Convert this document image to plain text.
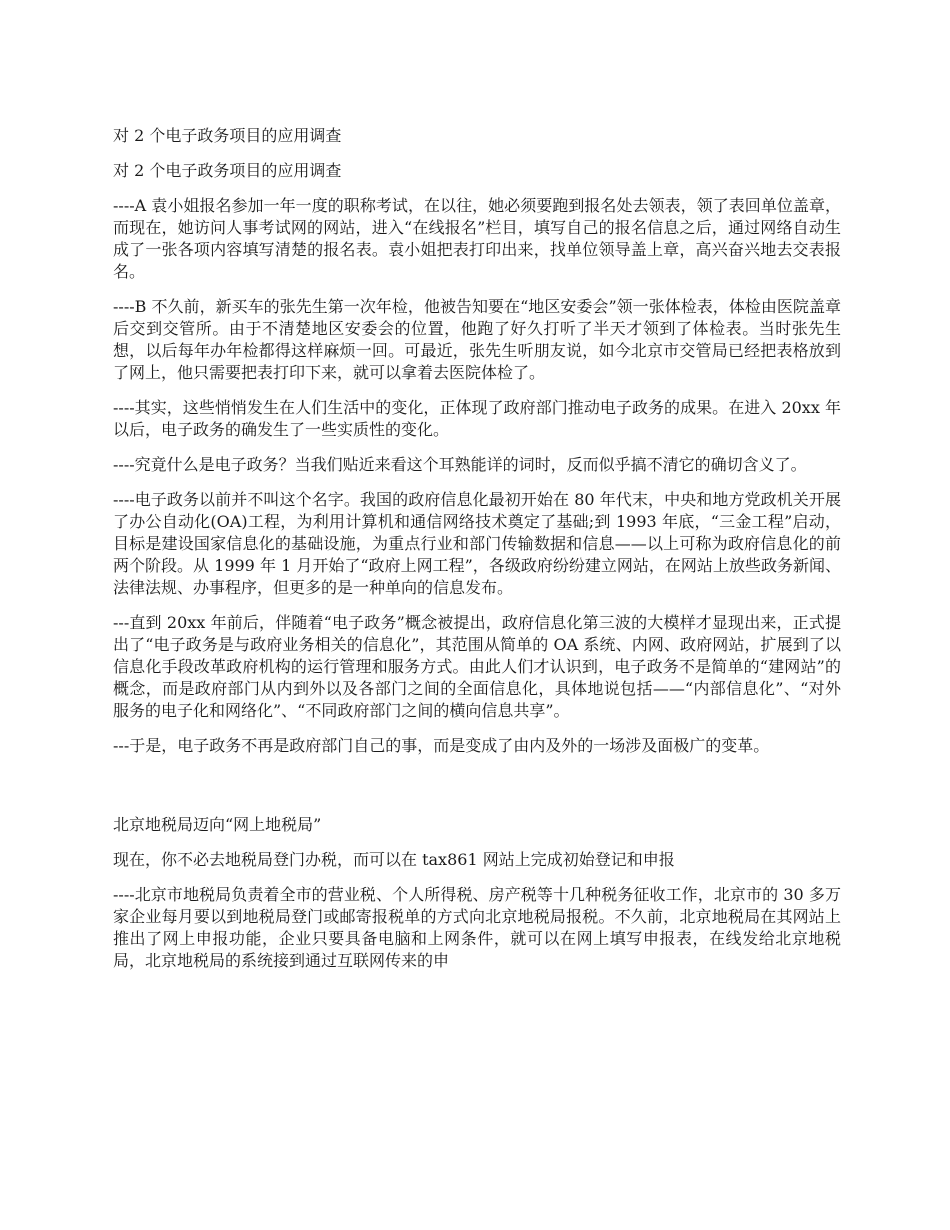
对 2 个电子政务项目的应用调查

对 2 个电子政务项目的应用调查

----A 袁小姐报名参加一年一度的职称考试，在以往，她必须要跑到报名处去领表，领了表回单位盖章，而现在，她访问人事考试网的网站，进入“在线报名”栏目，填写自己的报名信息之后，通过网络自动生成了一张各项内容填写清楚的报名表。袁小姐把表打印出来，找单位领导盖上章，高兴奋兴地去交表报名。

----B 不久前，新买车的张先生第一次年检，他被告知要在“地区安委会”领一张体检表，体检由医院盖章后交到交管所。由于不清楚地区安委会的位置，他跑了好久打听了半天才领到了体检表。当时张先生想，以后每年办年检都得这样麻烦一回。可最近，张先生听朋友说，如今北京市交管局已经把表格放到了网上，他只需要把表打印下来，就可以拿着去医院体检了。

----其实，这些悄悄发生在人们生活中的变化，正体现了政府部门推动电子政务的成果。在进入 20xx 年以后，电子政务的确发生了一些实质性的变化。

----究竟什么是电子政务？当我们贴近来看这个耳熟能详的词时，反而似乎搞不清它的确切含义了。

----电子政务以前并不叫这个名字。我国的政府信息化最初开始在 80 年代末，中央和地方党政机关开展了办公自动化(OA)工程，为利用计算机和通信网络技术奠定了基础;到 1993 年底，“三金工程”启动，目标是建设国家信息化的基础设施，为重点行业和部门传输数据和信息——以上可称为政府信息化的前两个阶段。从 1999 年 1 月开始了“政府上网工程”，各级政府纷纷建立网站，在网站上放些政务新闻、法律法规、办事程序，但更多的是一种单向的信息发布。

---直到 20xx 年前后，伴随着“电子政务”概念被提出，政府信息化第三波的大模样才显现出来，正式提出了“电子政务是与政府业务相关的信息化”，其范围从简单的 OA 系统、内网、政府网站，扩展到了以信息化手段改革政府机构的运行管理和服务方式。由此人们才认识到，电子政务不是简单的“建网站”的概念，而是政府部门从内到外以及各部门之间的全面信息化，具体地说包括——“内部信息化”、“对外服务的电子化和网络化”、“不同政府部门之间的横向信息共享”。

---于是，电子政务不再是政府部门自己的事，而是变成了由内及外的一场涉及面极广的变革。

北京地税局迈向“网上地税局”

现在，你不必去地税局登门办税，而可以在 tax861 网站上完成初始登记和申报

----北京市地税局负责着全市的营业税、个人所得税、房产税等十几种税务征收工作，北京市的 30 多万家企业每月要以到地税局登门或邮寄报税单的方式向北京地税局报税。不久前，北京地税局在其网站上推出了网上申报功能，企业只要具备电脑和上网条件，就可以在网上填写申报表，在线发给北京地税局，北京地税局的系统接到通过互联网传来的申
